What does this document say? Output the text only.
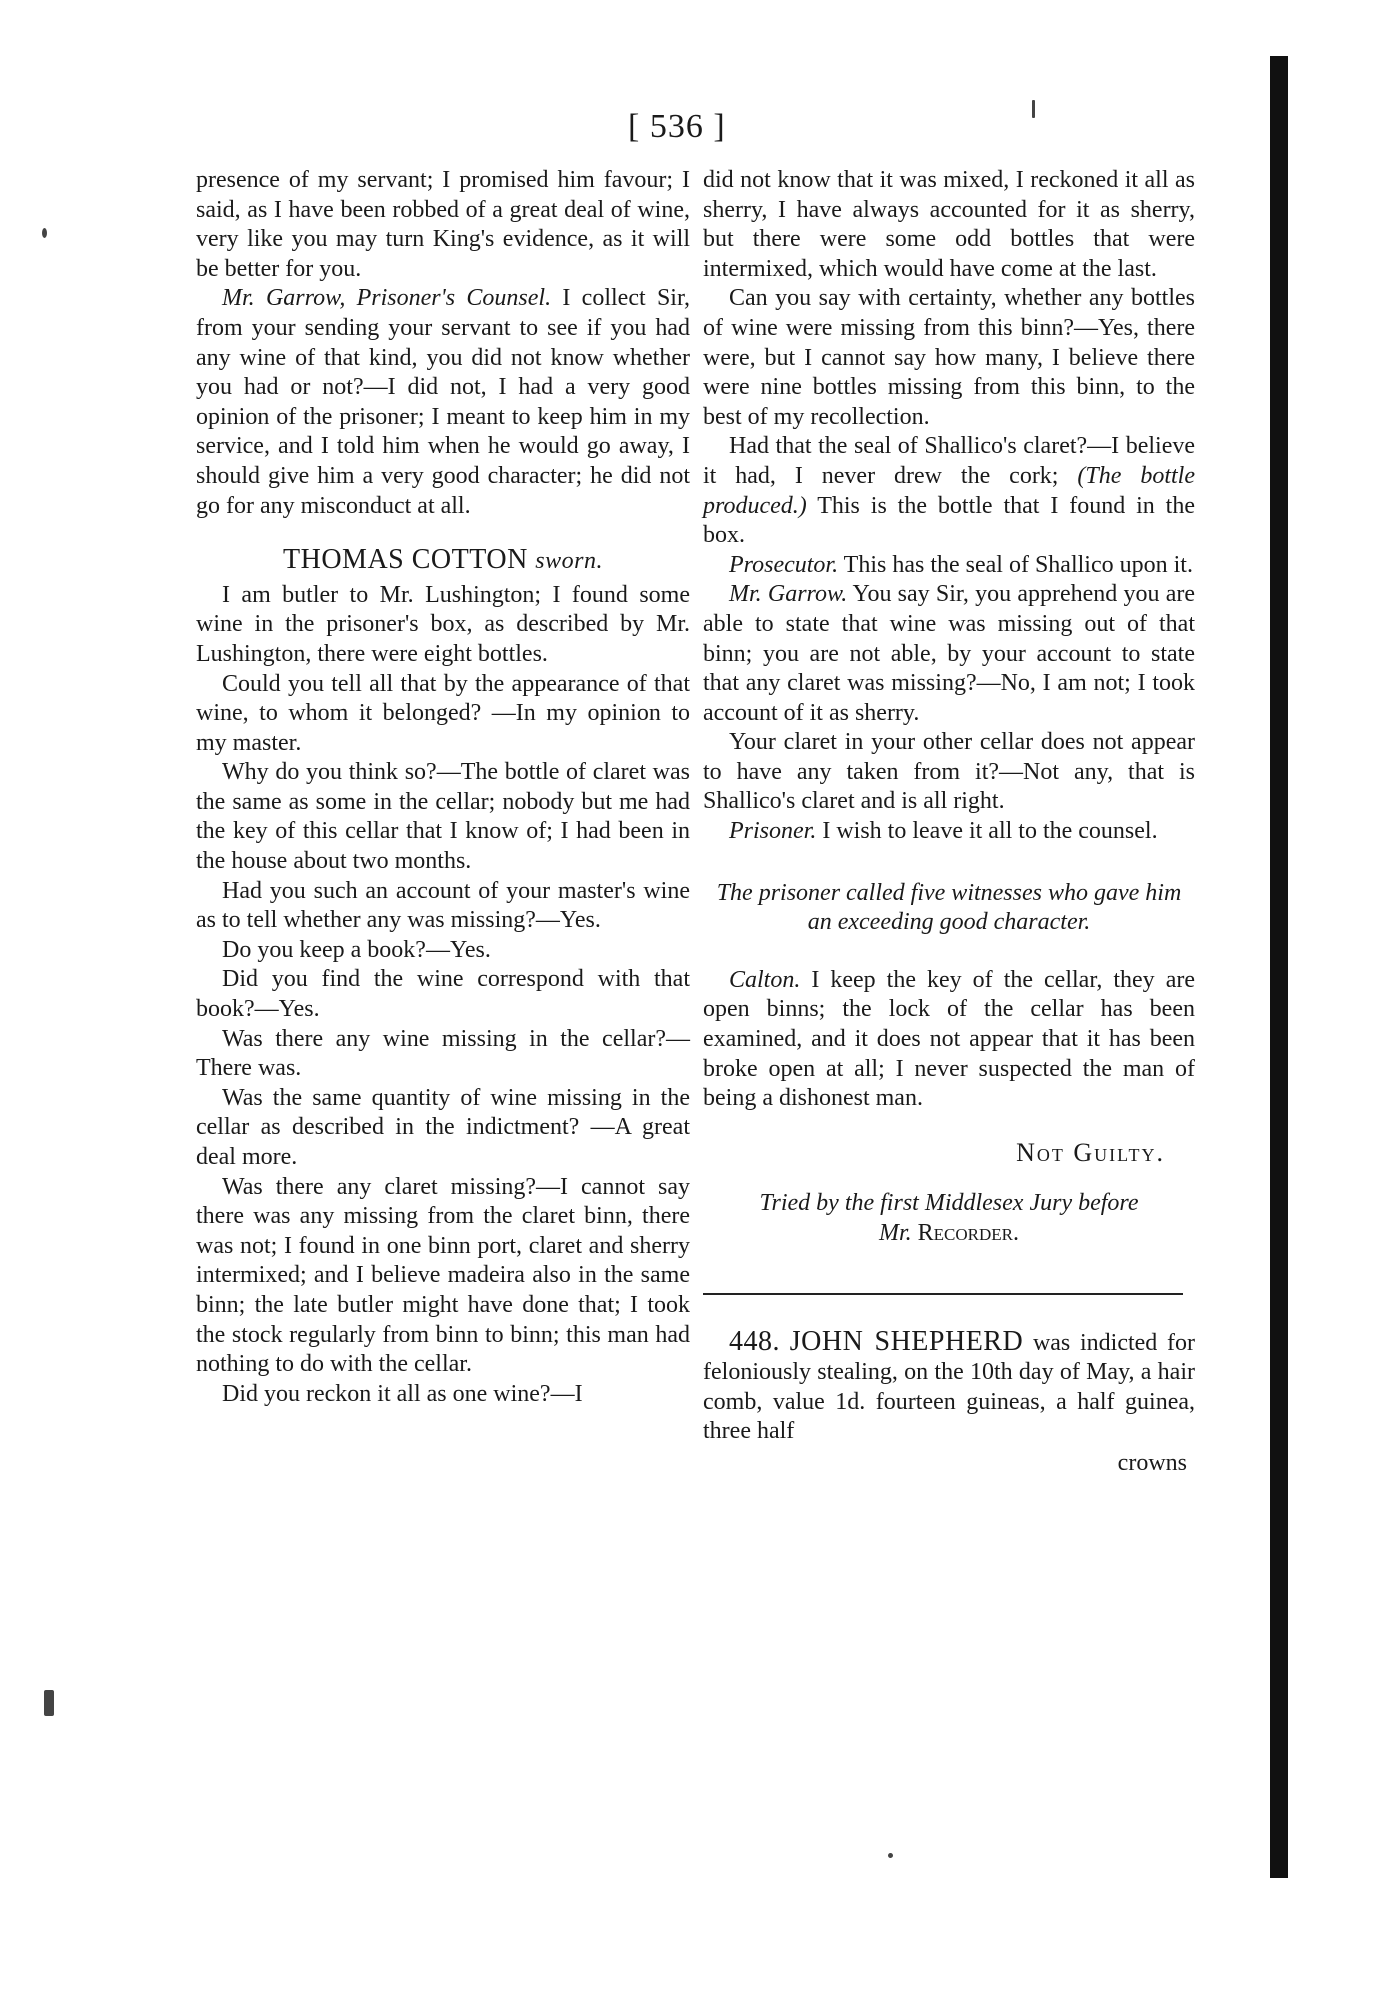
[ 536 ]

presence of my servant; I promised him favour; I said, as I have been robbed of a great deal of wine, very like you may turn King's evidence, as it will be better for you.

Mr. Garrow, Prisoner's Counsel. I collect Sir, from your sending your servant to see if you had any wine of that kind, you did not know whether you had or not?—I did not, I had a very good opinion of the prisoner; I meant to keep him in my service, and I told him when he would go away, I should give him a very good character; he did not go for any misconduct at all.

THOMAS COTTON sworn.

I am butler to Mr. Lushington; I found some wine in the prisoner's box, as described by Mr. Lushington, there were eight bottles.

Could you tell all that by the appearance of that wine, to whom it belonged? —In my opinion to my master.

Why do you think so?—The bottle of claret was the same as some in the cellar; nobody but me had the key of this cellar that I know of; I had been in the house about two months.

Had you such an account of your master's wine as to tell whether any was missing?—Yes.

Do you keep a book?—Yes.

Did you find the wine correspond with that book?—Yes.

Was there any wine missing in the cellar?—There was.

Was the same quantity of wine missing in the cellar as described in the indictment? —A great deal more.

Was there any claret missing?—I cannot say there was any missing from the claret binn, there was not; I found in one binn port, claret and sherry intermixed; and I believe madeira also in the same binn; the late butler might have done that; I took the stock regularly from binn to binn; this man had nothing to do with the cellar.

Did you reckon it all as one wine?—I

did not know that it was mixed, I reckoned it all as sherry, I have always accounted for it as sherry, but there were some odd bottles that were intermixed, which would have come at the last.

Can you say with certainty, whether any bottles of wine were missing from this binn?—Yes, there were, but I cannot say how many, I believe there were nine bottles missing from this binn, to the best of my recollection.

Had that the seal of Shallico's claret?—I believe it had, I never drew the cork; (The bottle produced.) This is the bottle that I found in the box.

Prosecutor. This has the seal of Shallico upon it.

Mr. Garrow. You say Sir, you apprehend you are able to state that wine was missing out of that binn; you are not able, by your account to state that any claret was missing?—No, I am not; I took account of it as sherry.

Your claret in your other cellar does not appear to have any taken from it?—Not any, that is Shallico's claret and is all right.

Prisoner. I wish to leave it all to the counsel.

The prisoner called five witnesses who gave him an exceeding good character.

Calton. I keep the key of the cellar, they are open binns; the lock of the cellar has been examined, and it does not appear that it has been broke open at all; I never suspected the man of being a dishonest man.

Not Guilty.

Tried by the first Middlesex Jury before
Mr. Recorder.

448. JOHN SHEPHERD was indicted for feloniously stealing, on the 10th day of May, a hair comb, value 1d. fourteen guineas, a half guinea, three half

crowns
